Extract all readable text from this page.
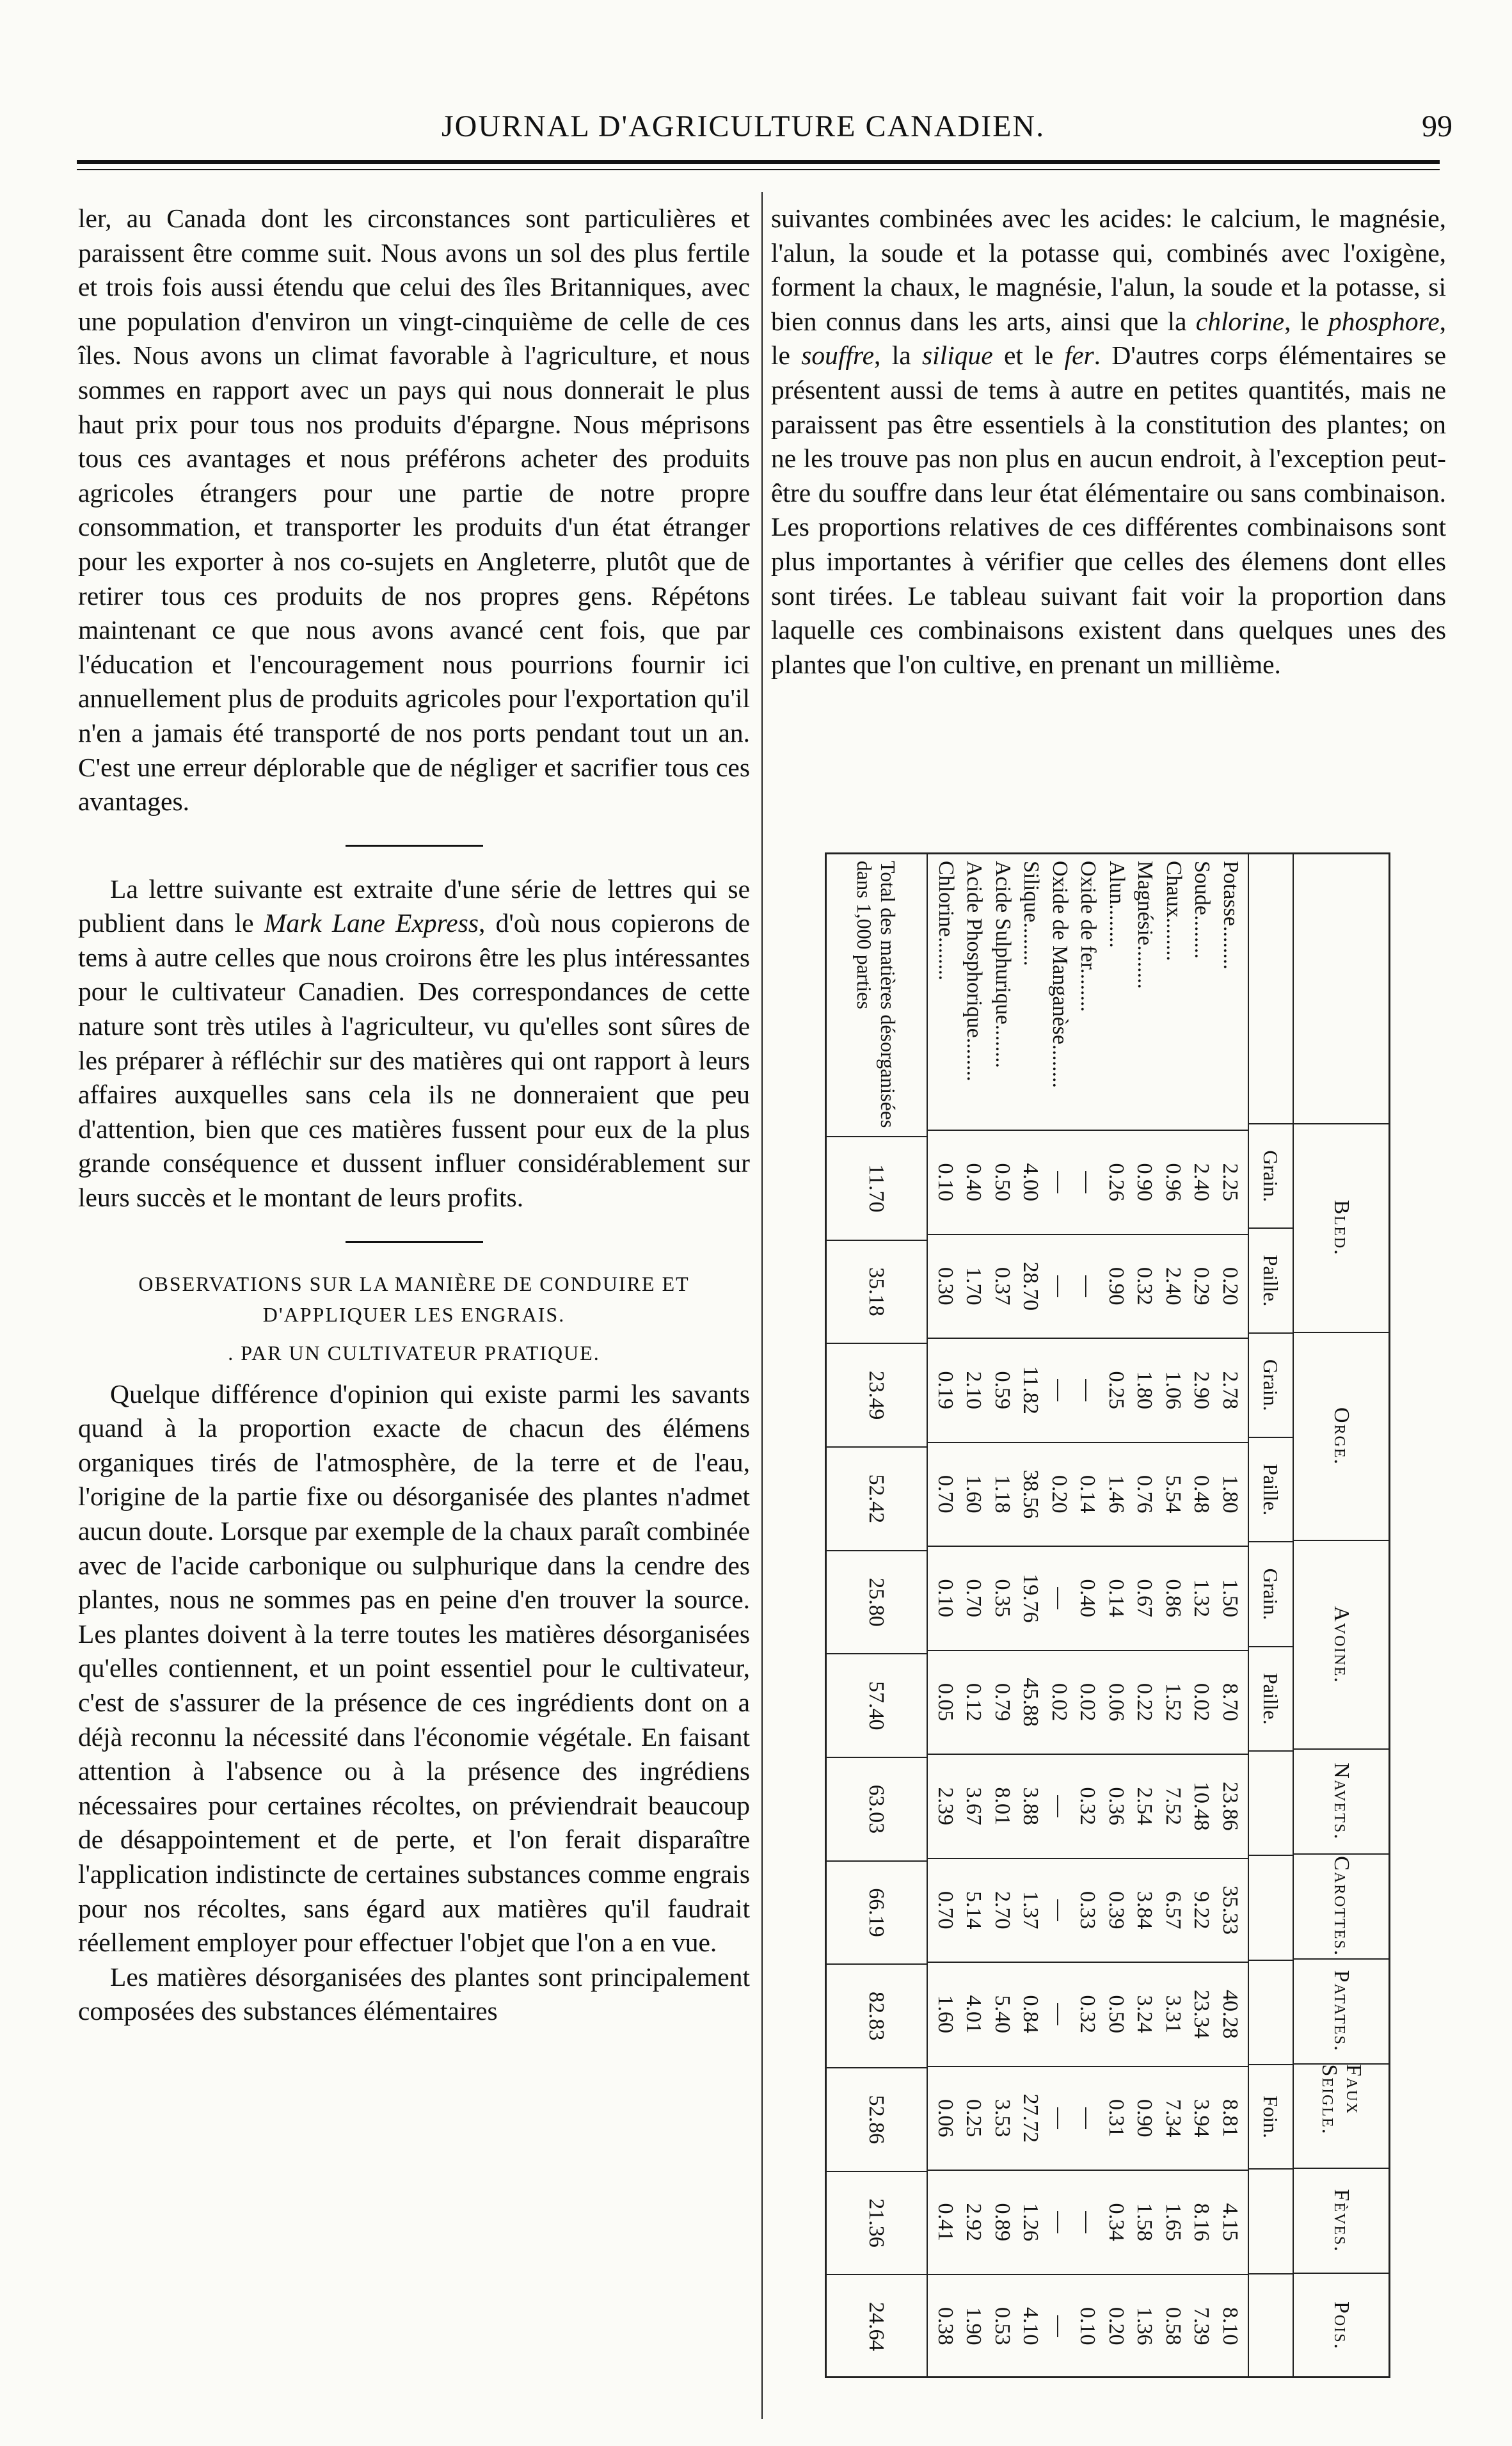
JOURNAL D'AGRICULTURE CANADIEN.	99

ler, au Canada dont les circonstances sont particulières et paraissent être comme suit. Nous avons un sol des plus fertile et trois fois aussi étendu que celui des îles Britanniques, avec une population d'environ un vingt-cinquième de celle de ces îles. Nous avons un climat favorable à l'agriculture, et nous sommes en rapport avec un pays qui nous donnerait le plus haut prix pour tous nos produits d'épargne. Nous méprisons tous ces avantages et nous préférons acheter des produits agricoles étrangers pour une partie de notre propre consommation, et transporter les produits d'un état étranger pour les exporter à nos co-sujets en Angleterre, plutôt que de retirer tous ces produits de nos propres gens. Répétons maintenant ce que nous avons avancé cent fois, que par l'éducation et l'encouragement nous pourrions fournir ici annuellement plus de produits agricoles pour l'exportation qu'il n'en a jamais été transporté de nos ports pendant tout un an. C'est une erreur déplorable que de négliger et sacrifier tous ces avantages.

La lettre suivante est extraite d'une série de lettres qui se publient dans le Mark Lane Express, d'où nous copierons de tems à autre celles que nous croirons être les plus intéressantes pour le cultivateur Canadien. Des correspondances de cette nature sont très utiles à l'agriculteur, vu qu'elles sont sûres de les préparer à réfléchir sur des matières qui ont rapport à leurs affaires auxquelles sans cela ils ne donneraient que peu d'attention, bien que ces matières fussent pour eux de la plus grande conséquence et dussent influer considérablement sur leurs succès et le montant de leurs profits.

OBSERVATIONS SUR LA MANIÈRE DE CONDUIRE ET D'APPLIQUER LES ENGRAIS.
. PAR UN CULTIVATEUR PRATIQUE.

Quelque différence d'opinion qui existe parmi les savants quand à la proportion exacte de chacun des élémens organiques tirés de l'atmosphère, de la terre et de l'eau, l'origine de la partie fixe ou désorganisée des plantes n'admet aucun doute. Lorsque par exemple de la chaux paraît combinée avec de l'acide carbonique ou sulphurique dans la cendre des plantes, nous ne sommes pas en peine d'en trouver la source. Les plantes doivent à la terre toutes les matières désorganisées qu'elles contiennent, et un point essentiel pour le cultivateur, c'est de s'assurer de la présence de ces ingrédients dont on a déjà reconnu la nécessité dans l'économie végétale. En faisant attention à l'absence ou à la présence des ingrédiens nécessaires pour certaines récoltes, on préviendrait beaucoup de désappointement et de perte, et l'on ferait disparaître l'application indistincte de certaines substances comme engrais pour nos récoltes, sans égard aux matières qu'il faudrait réellement employer pour effectuer l'objet que l'on a en vue.

Les matières désorganisées des plantes sont principalement composées des substances élémentaires

suivantes combinées avec les acides: le calcium, le magnésie, l'alun, la soude et la potasse qui, combinés avec l'oxigène, forment la chaux, le magnésie, l'alun, la soude et la potasse, si bien connus dans les arts, ainsi que la chlorine, le phosphore, le souffre, la silique et le fer. D'autres corps élémentaires se présentent aussi de tems à autre en petites quantités, mais ne paraissent pas être essentiels à la constitution des plantes; on ne les trouve pas non plus en aucun endroit, à l'exception peut-être du souffre dans leur état élémentaire ou sans combinaison. Les proportions relatives de ces différentes combinaisons sont plus importantes à vérifier que celles des élemens dont elles sont tirées. Le tableau suivant fait voir la proportion dans laquelle ces combinaisons existent dans quelques unes des plantes que l'on cultive, en prenant un millième.

Bled.
Orge.
Avoine.
Navets.
Carottes.
Patates.
Faux Seigle.
Fèves.
Pois.
Grain.
Paille.
Grain.
Paille.
Grain.
Paille.
Foin.
Potasse........
Soude........
Chaux........
Magnésie........
Alun........
Oxide de fer........
Oxide de Manganèse........
Silique........
Acide Sulphurique........
Acide Phosphorique........
Chlorine........
2.25
2.40
0.96
0.90
0.26
—
—
4.00
0.50
0.40
0.10
0.20
0.29
2.40
0.32
0.90
—
—
28.70
0.37
1.70
0.30
2.78
2.90
1.06
1.80
0.25
—
—
11.82
0.59
2.10
0.19
1.80
0.48
5.54
0.76
1.46
0.14
0.20
38.56
1.18
1.60
0.70
1.50
1.32
0.86
0.67
0.14
0.40
—
19.76
0.35
0.70
0.10
8.70
0.02
1.52
0.22
0.06
0.02
0.02
45.88
0.79
0.12
0.05
23.86
10.48
7.52
2.54
0.36
0.32
—
3.88
8.01
3.67
2.39
35.33
9.22
6.57
3.84
0.39
0.33
—
1.37
2.70
5.14
0.70
40.28
23.34
3.31
3.24
0.50
0.32
—
0.84
5.40
4.01
1.60
8.81
3.94
7.34
0.90
0.31
—
—
27.72
3.53
0.25
0.06
4.15
8.16
1.65
1.58
0.34
—
—
1.26
0.89
2.92
0.41
8.10
7.39
0.58
1.36
0.20
0.10
—
4.10
0.53
1.90
0.38
Total des matières désorganisées dans 1,000 parties
11.70
35.18
23.49
52.42
25.80
57.40
63.03
66.19
82.83
52.86
21.36
24.64
